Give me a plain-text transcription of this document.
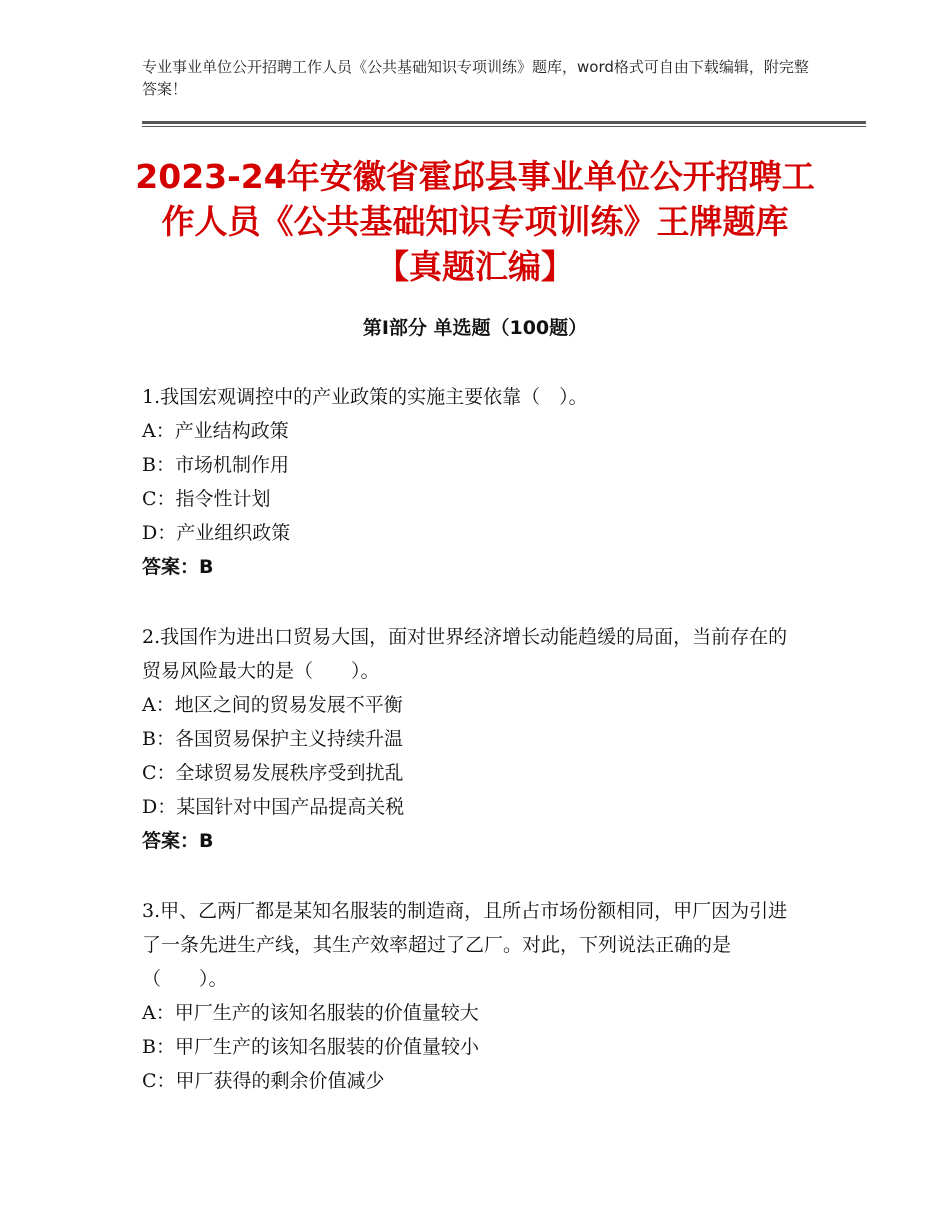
专业事业单位公开招聘工作人员《公共基础知识专项训练》题库，word格式可自由下载编辑，附完整答案！
2023-24年安徽省霍邱县事业单位公开招聘工作人员《公共基础知识专项训练》王牌题库【真题汇编】
第I部分 单选题（100题）

1.我国宏观调控中的产业政策的实施主要依靠（　）。

A：产业结构政策

B：市场机制作用

C：指令性计划

D：产业组织政策

答案：B

2.我国作为进出口贸易大国，面对世界经济增长动能趋缓的局面，当前存在的贸易风险最大的是（　　）。

A：地区之间的贸易发展不平衡

B：各国贸易保护主义持续升温

C：全球贸易发展秩序受到扰乱

D：某国针对中国产品提高关税

答案：B

3.甲、乙两厂都是某知名服装的制造商，且所占市场份额相同，甲厂因为引进了一条先进生产线，其生产效率超过了乙厂。对此，下列说法正确的是（　　）。

A：甲厂生产的该知名服装的价值量较大

B：甲厂生产的该知名服装的价值量较小

C：甲厂获得的剩余价值减少
